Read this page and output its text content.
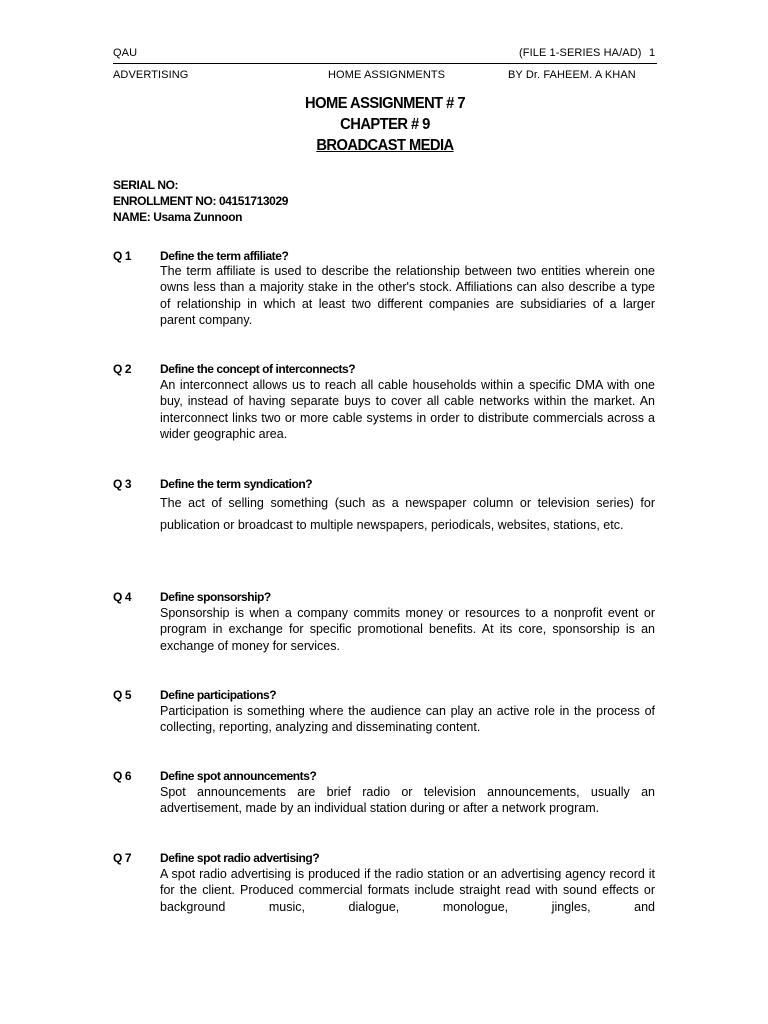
QAU	(FILE 1-SERIES HA/AD) 1
ADVERTISING	HOME ASSIGNMENTS	BY Dr. FAHEEM. A KHAN
HOME ASSIGNMENT # 7
CHAPTER # 9
BROADCAST MEDIA
SERIAL NO:
ENROLLMENT NO: 04151713029
NAME: Usama Zunnoon
Q 1 Define the term affiliate?
The term affiliate is used to describe the relationship between two entities wherein one owns less than a majority stake in the other's stock. Affiliations can also describe a type of relationship in which at least two different companies are subsidiaries of a larger parent company.
Q 2 Define the concept of interconnects?
An interconnect allows us to reach all cable households within a specific DMA with one buy, instead of having separate buys to cover all cable networks within the market. An interconnect links two or more cable systems in order to distribute commercials across a wider geographic area.
Q 3 Define the term syndication?
The act of selling something (such as a newspaper column or television series) for publication or broadcast to multiple newspapers, periodicals, websites, stations, etc.
Q 4 Define sponsorship?
Sponsorship is when a company commits money or resources to a nonprofit event or program in exchange for specific promotional benefits. At its core, sponsorship is an exchange of money for services.
Q 5 Define participations?
Participation is something where the audience can play an active role in the process of collecting, reporting, analyzing and disseminating content.
Q 6 Define spot announcements?
Spot announcements are brief radio or television announcements, usually an advertisement, made by an individual station during or after a network program.
Q 7 Define spot radio advertising?
A spot radio advertising is produced if the radio station or an advertising agency record it for the client. Produced commercial formats include straight read with sound effects or background music, dialogue, monologue, jingles, and
